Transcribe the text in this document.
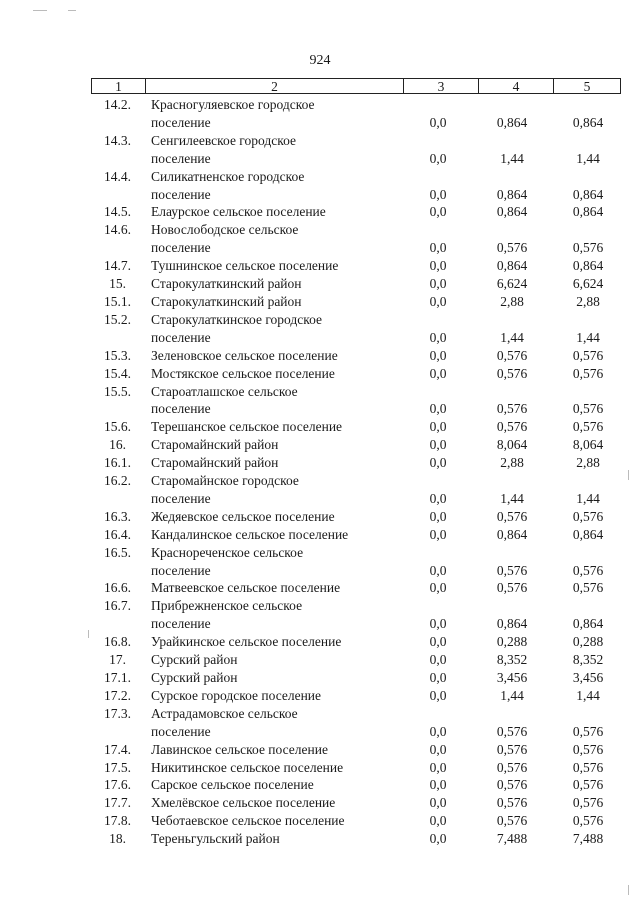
924
1	2	3	4	5
14.2.	Красногуляевское городское
поселение	0,0	0,864	0,864
14.3.	Сенгилеевское городское
поселение	0,0	1,44	1,44
14.4.	Силикатненское городское
поселение	0,0	0,864	0,864
14.5.	Елаурское сельское поселение	0,0	0,864	0,864
14.6.	Новослободское сельское
поселение	0,0	0,576	0,576
14.7.	Тушнинское сельское поселение	0,0	0,864	0,864
15.	Старокулаткинский район	0,0	6,624	6,624
15.1.	Старокулаткинский район	0,0	2,88	2,88
15.2.	Старокулаткинское городское
поселение	0,0	1,44	1,44
15.3.	Зеленовское сельское поселение	0,0	0,576	0,576
15.4.	Мостякское сельское поселение	0,0	0,576	0,576
15.5.	Староатлашское сельское
поселение	0,0	0,576	0,576
15.6.	Терешанское сельское поселение	0,0	0,576	0,576
16.	Старомайнский район	0,0	8,064	8,064
16.1.	Старомайнский район	0,0	2,88	2,88
16.2.	Старомайнское городское
поселение	0,0	1,44	1,44
16.3.	Жедяевское сельское поселение	0,0	0,576	0,576
16.4.	Кандалинское сельское поселение	0,0	0,864	0,864
16.5.	Краснореченское сельское
поселение	0,0	0,576	0,576
16.6.	Матвеевское сельское поселение	0,0	0,576	0,576
16.7.	Прибрежненское сельское
поселение	0,0	0,864	0,864
16.8.	Урайкинское сельское поселение	0,0	0,288	0,288
17.	Сурский район	0,0	8,352	8,352
17.1.	Сурский район	0,0	3,456	3,456
17.2.	Сурское городское поселение	0,0	1,44	1,44
17.3.	Астрадамовское сельское
поселение	0,0	0,576	0,576
17.4.	Лавинское сельское поселение	0,0	0,576	0,576
17.5.	Никитинское сельское поселение	0,0	0,576	0,576
17.6.	Сарское сельское поселение	0,0	0,576	0,576
17.7.	Хмелёвское сельское поселение	0,0	0,576	0,576
17.8.	Чеботаевское сельское поселение	0,0	0,576	0,576
18.	Тереньгульский район	0,0	7,488	7,488
